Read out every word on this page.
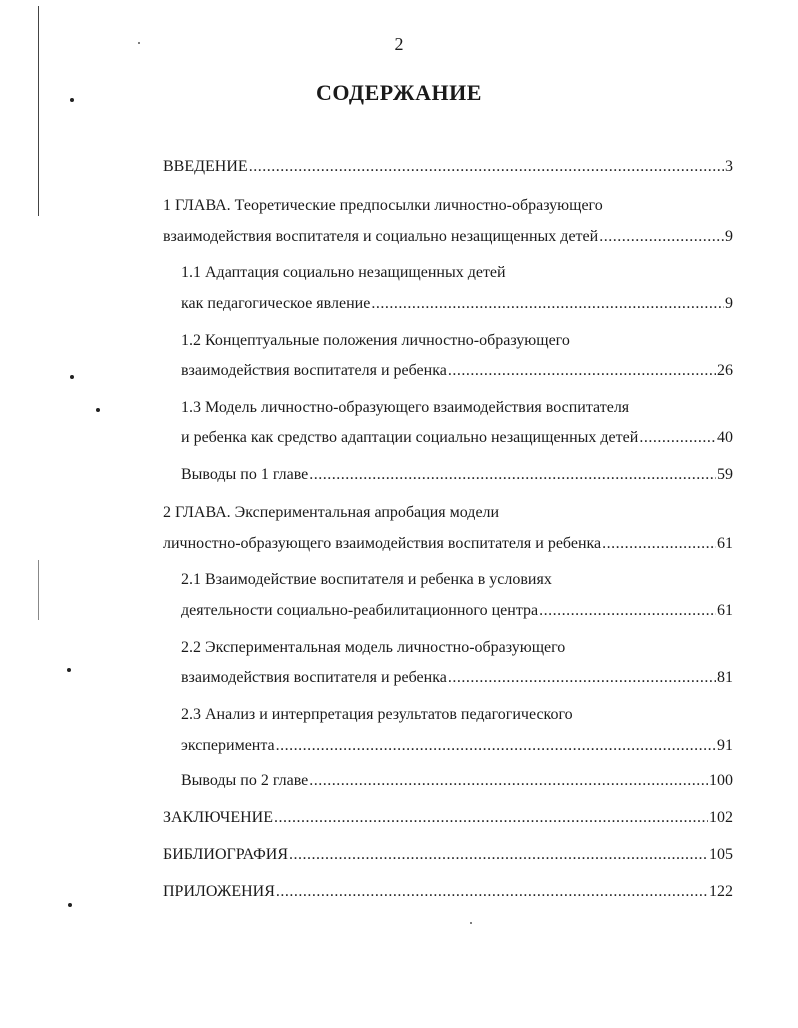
2
СОДЕРЖАНИЕ
ВВЕДЕНИЕ .....	3
1 ГЛАВА. Теоретические предпосылки личностно-образующего
взаимодействия воспитателя и социально незащищенных детей .....	9
1.1 Адаптация социально незащищенных детей
как педагогическое явление .....	9
1.2 Концептуальные положения личностно-образующего
взаимодействия воспитателя и ребенка .....	26
1.3 Модель личностно-образующего взаимодействия воспитателя
и ребенка как средство адаптации социально незащищенных детей .....	40
Выводы по 1 главе .....	59
2 ГЛАВА. Экспериментальная апробация модели
личностно-образующего взаимодействия воспитателя и ребенка .....	61
2.1 Взаимодействие воспитателя и ребенка в условиях
деятельности социально-реабилитационного центра .....	61
2.2 Экспериментальная модель личностно-образующего
взаимодействия воспитателя и ребенка .....	81
2.3 Анализ и интерпретация результатов педагогического
эксперимента .....	91
Выводы по 2 главе .....	100
ЗАКЛЮЧЕНИЕ .....	102
БИБЛИОГРАФИЯ .....	105
ПРИЛОЖЕНИЯ .....	122
